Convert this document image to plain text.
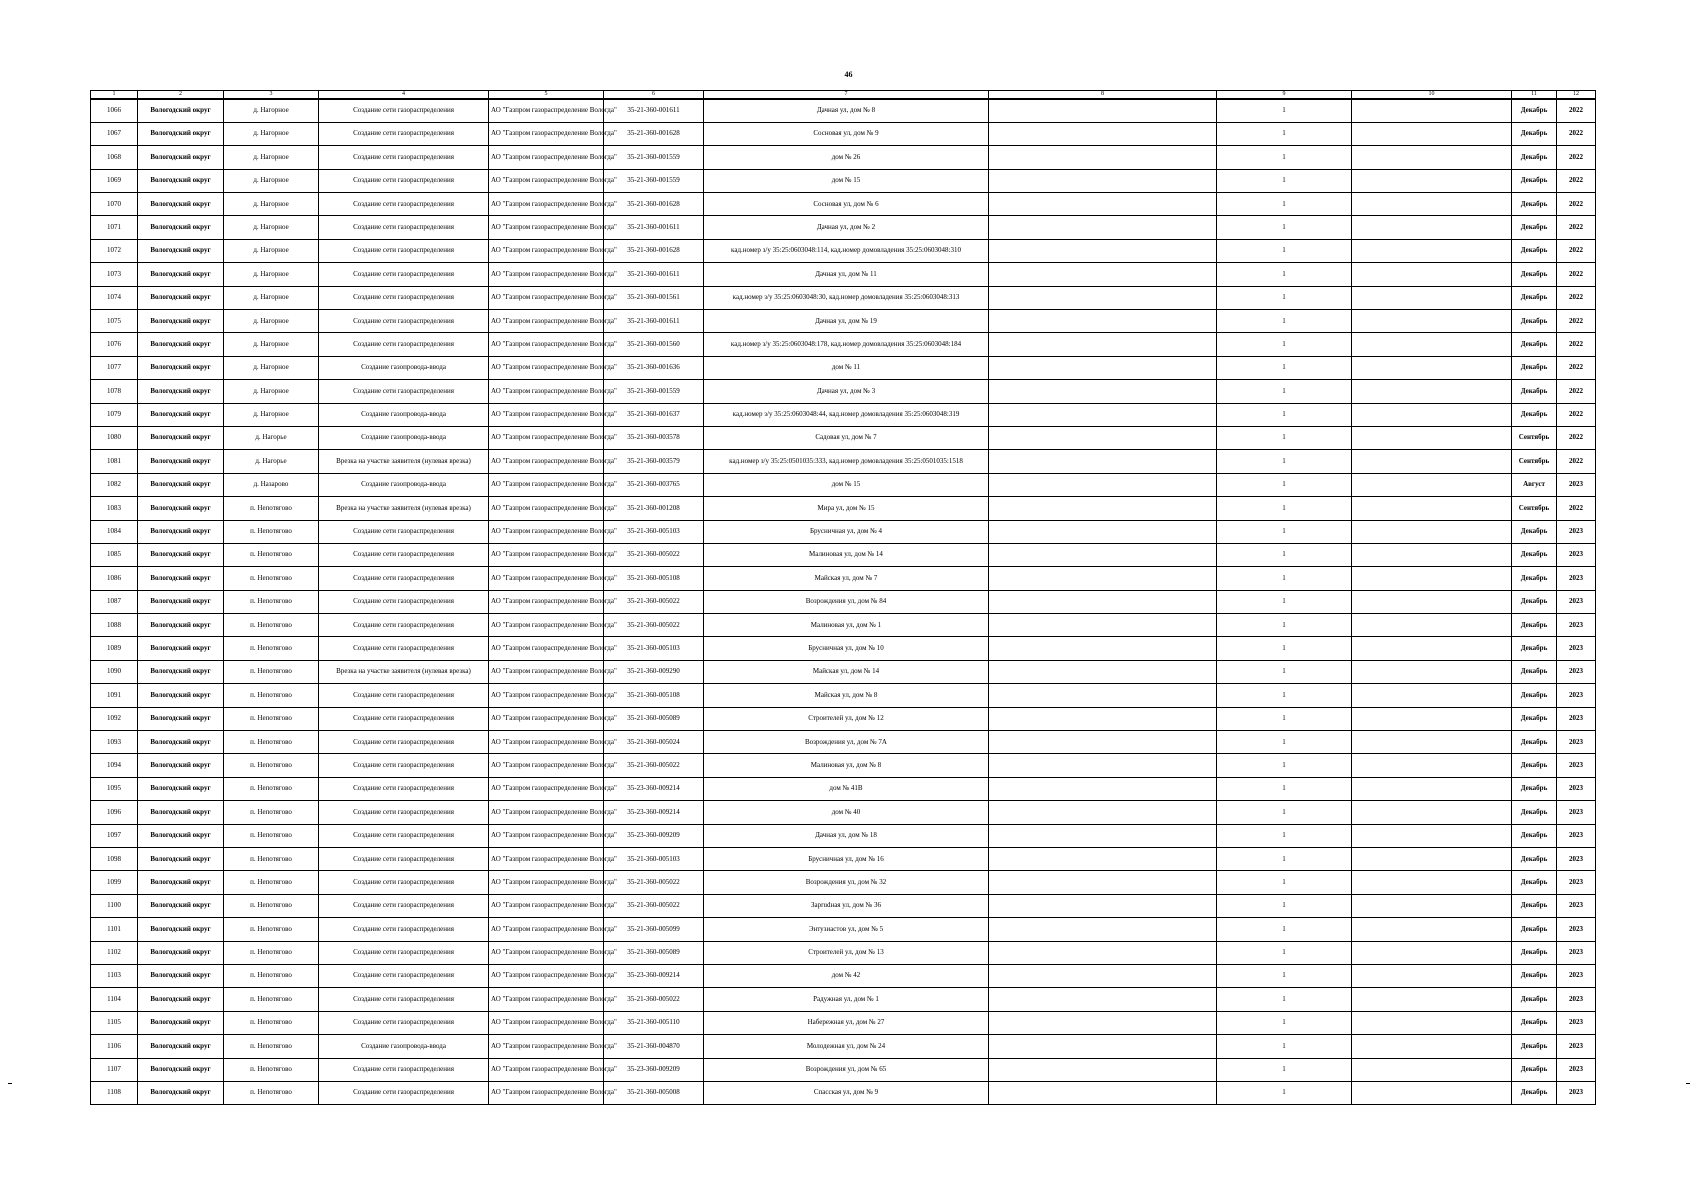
46
1	2	3	4	5	6	7	8	9	10	11	12
1066	Вологодский округ	д. Нагорное	Создание сети газораспределения	АО "Газпром газораспределение Вологда"	35-21-360-001611	Дачная ул, дом № 8		1		Декабрь	2022
1067	Вологодский округ	д. Нагорное	Создание сети газораспределения	АО "Газпром газораспределение Вологда"	35-21-360-001628	Сосновая ул, дом № 9		1		Декабрь	2022
1068	Вологодский округ	д. Нагорное	Создание сети газораспределения	АО "Газпром газораспределение Вологда"	35-21-360-001559	дом № 26		1		Декабрь	2022
1069	Вологодский округ	д. Нагорное	Создание сети газораспределения	АО "Газпром газораспределение Вологда"	35-21-360-001559	дом № 15		1		Декабрь	2022
1070	Вологодский округ	д. Нагорное	Создание сети газораспределения	АО "Газпром газораспределение Вологда"	35-21-360-001628	Сосновая ул, дом № 6		1		Декабрь	2022
1071	Вологодский округ	д. Нагорное	Создание сети газораспределения	АО "Газпром газораспределение Вологда"	35-21-360-001611	Дачная ул, дом № 2		1		Декабрь	2022
1072	Вологодский округ	д. Нагорное	Создание сети газораспределения	АО "Газпром газораспределение Вологда"	35-21-360-001628	кад.номер з/у 35:25:0603048:114, кад.номер домовладения 35:25:0603048:310		1		Декабрь	2022
1073	Вологодский округ	д. Нагорное	Создание сети газораспределения	АО "Газпром газораспределение Вологда"	35-21-360-001611	Дачная ул, дом № 11		1		Декабрь	2022
1074	Вологодский округ	д. Нагорное	Создание сети газораспределения	АО "Газпром газораспределение Вологда"	35-21-360-001561	кад.номер з/у 35:25:0603048:30, кад.номер домовладения 35:25:0603048:313		1		Декабрь	2022
1075	Вологодский округ	д. Нагорное	Создание сети газораспределения	АО "Газпром газораспределение Вологда"	35-21-360-001611	Дачная ул, дом № 19		1		Декабрь	2022
1076	Вологодский округ	д. Нагорное	Создание сети газораспределения	АО "Газпром газораспределение Вологда"	35-21-360-001560	кад.номер з/у 35:25:0603048:178, кад.номер домовладения 35:25:0603048:184		1		Декабрь	2022
1077	Вологодский округ	д. Нагорное	Создание газопровода-ввода	АО "Газпром газораспределение Вологда"	35-21-360-001636	дом № 11		1		Декабрь	2022
1078	Вологодский округ	д. Нагорное	Создание сети газораспределения	АО "Газпром газораспределение Вологда"	35-21-360-001559	Дачная ул, дом № 3		1		Декабрь	2022
1079	Вологодский округ	д. Нагорное	Создание газопровода-ввода	АО "Газпром газораспределение Вологда"	35-21-360-001637	кад.номер з/у 35:25:0603048:44, кад.номер домовладения 35:25:0603048:319		1		Декабрь	2022
1080	Вологодский округ	д. Нагорье	Создание газопровода-ввода	АО "Газпром газораспределение Вологда"	35-21-360-003578	Садовая ул, дом № 7		1		Сентябрь	2022
1081	Вологодский округ	д. Нагорье	Врезка на участке заявителя (нулевая врезка)	АО "Газпром газораспределение Вологда"	35-21-360-003579	кад.номер з/у 35:25:0501035:333, кад.номер домовладения 35:25:0501035:1518		1		Сентябрь	2022
1082	Вологодский округ	д. Назарово	Создание газопровода-ввода	АО "Газпром газораспределение Вологда"	35-21-360-003765	дом № 15		1		Август	2023
1083	Вологодский округ	п. Непотягово	Врезка на участке заявителя (нулевая врезка)	АО "Газпром газораспределение Вологда"	35-21-360-001208	Мира ул, дом № 15		1		Сентябрь	2022
1084	Вологодский округ	п. Непотягово	Создание сети газораспределения	АО "Газпром газораспределение Вологда"	35-21-360-005103	Брусничная ул, дом № 4		1		Декабрь	2023
1085	Вологодский округ	п. Непотягово	Создание сети газораспределения	АО "Газпром газораспределение Вологда"	35-21-360-005022	Малиновая ул, дом № 14		1		Декабрь	2023
1086	Вологодский округ	п. Непотягово	Создание сети газораспределения	АО "Газпром газораспределение Вологда"	35-21-360-005108	Майская ул, дом № 7		1		Декабрь	2023
1087	Вологодский округ	п. Непотягово	Создание сети газораспределения	АО "Газпром газораспределение Вологда"	35-21-360-005022	Возрождения ул, дом № 84		1		Декабрь	2023
1088	Вологодский округ	п. Непотягово	Создание сети газораспределения	АО "Газпром газораспределение Вологда"	35-21-360-005022	Малиновая ул, дом № 1		1		Декабрь	2023
1089	Вологодский округ	п. Непотягово	Создание сети газораспределения	АО "Газпром газораспределение Вологда"	35-21-360-005103	Брусничная ул, дом № 10		1		Декабрь	2023
1090	Вологодский округ	п. Непотягово	Врезка на участке заявителя (нулевая врезка)	АО "Газпром газораспределение Вологда"	35-21-360-009290	Майская ул, дом № 14		1		Декабрь	2023
1091	Вологодский округ	п. Непотягово	Создание сети газораспределения	АО "Газпром газораспределение Вологда"	35-21-360-005108	Майская ул, дом № 8		1		Декабрь	2023
1092	Вологодский округ	п. Непотягово	Создание сети газораспределения	АО "Газпром газораспределение Вологда"	35-21-360-005089	Строителей ул, дом № 12		1		Декабрь	2023
1093	Вологодский округ	п. Непотягово	Создание сети газораспределения	АО "Газпром газораспределение Вологда"	35-21-360-005024	Возрождения ул, дом № 7А		1		Декабрь	2023
1094	Вологодский округ	п. Непотягово	Создание сети газораспределения	АО "Газпром газораспределение Вологда"	35-21-360-005022	Малиновая ул, дом № 8		1		Декабрь	2023
1095	Вологодский округ	п. Непотягово	Создание сети газораспределения	АО "Газпром газораспределение Вологда"	35-23-360-009214	дом № 41В		1		Декабрь	2023
1096	Вологодский округ	п. Непотягово	Создание сети газораспределения	АО "Газпром газораспределение Вологда"	35-23-360-009214	дом № 40		1		Декабрь	2023
1097	Вологодский округ	п. Непотягово	Создание сети газораспределения	АО "Газпром газораспределение Вологда"	35-23-360-009209	Дачная ул, дом № 18		1		Декабрь	2023
1098	Вологодский округ	п. Непотягово	Создание сети газораспределения	АО "Газпром газораспределение Вологда"	35-21-360-005103	Брусничная ул, дом № 16		1		Декабрь	2023
1099	Вологодский округ	п. Непотягово	Создание сети газораспределения	АО "Газпром газораспределение Вологда"	35-21-360-005022	Возрождения ул, дом № 32		1		Декабрь	2023
1100	Вологодский округ	п. Непотягово	Создание сети газораспределения	АО "Газпром газораспределение Вологда"	35-21-360-005022	Заprudная ул, дом № 36		1		Декабрь	2023
1101	Вологодский округ	п. Непотягово	Создание сети газораспределения	АО "Газпром газораспределение Вологда"	35-21-360-005099	Энтузиастов ул, дом № 5		1		Декабрь	2023
1102	Вологодский округ	п. Непотягово	Создание сети газораспределения	АО "Газпром газораспределение Вологда"	35-21-360-005089	Строителей ул, дом № 13		1		Декабрь	2023
1103	Вологодский округ	п. Непотягово	Создание сети газораспределения	АО "Газпром газораспределение Вологда"	35-23-360-009214	дом № 42		1		Декабрь	2023
1104	Вологодский округ	п. Непотягово	Создание сети газораспределения	АО "Газпром газораспределение Вологда"	35-21-360-005022	Радужная ул, дом № 1		1		Декабрь	2023
1105	Вологодский округ	п. Непотягово	Создание сети газораспределения	АО "Газпром газораспределение Вологда"	35-21-360-005110	Набережная ул, дом № 27		1		Декабрь	2023
1106	Вологодский округ	п. Непотягово	Создание газопровода-ввода	АО "Газпром газораспределение Вологда"	35-21-360-004870	Молодежная ул, дом № 24		1		Декабрь	2023
1107	Вологодский округ	п. Непотягово	Создание сети газораспределения	АО "Газпром газораспределение Вологда"	35-23-360-009209	Возрождения ул, дом № 65		1		Декабрь	2023
1108	Вологодский округ	п. Непотягово	Создание сети газораспределения	АО "Газпром газораспределение Вологда"	35-21-360-005008	Спасская ул, дом № 9		1		Декабрь	2023
